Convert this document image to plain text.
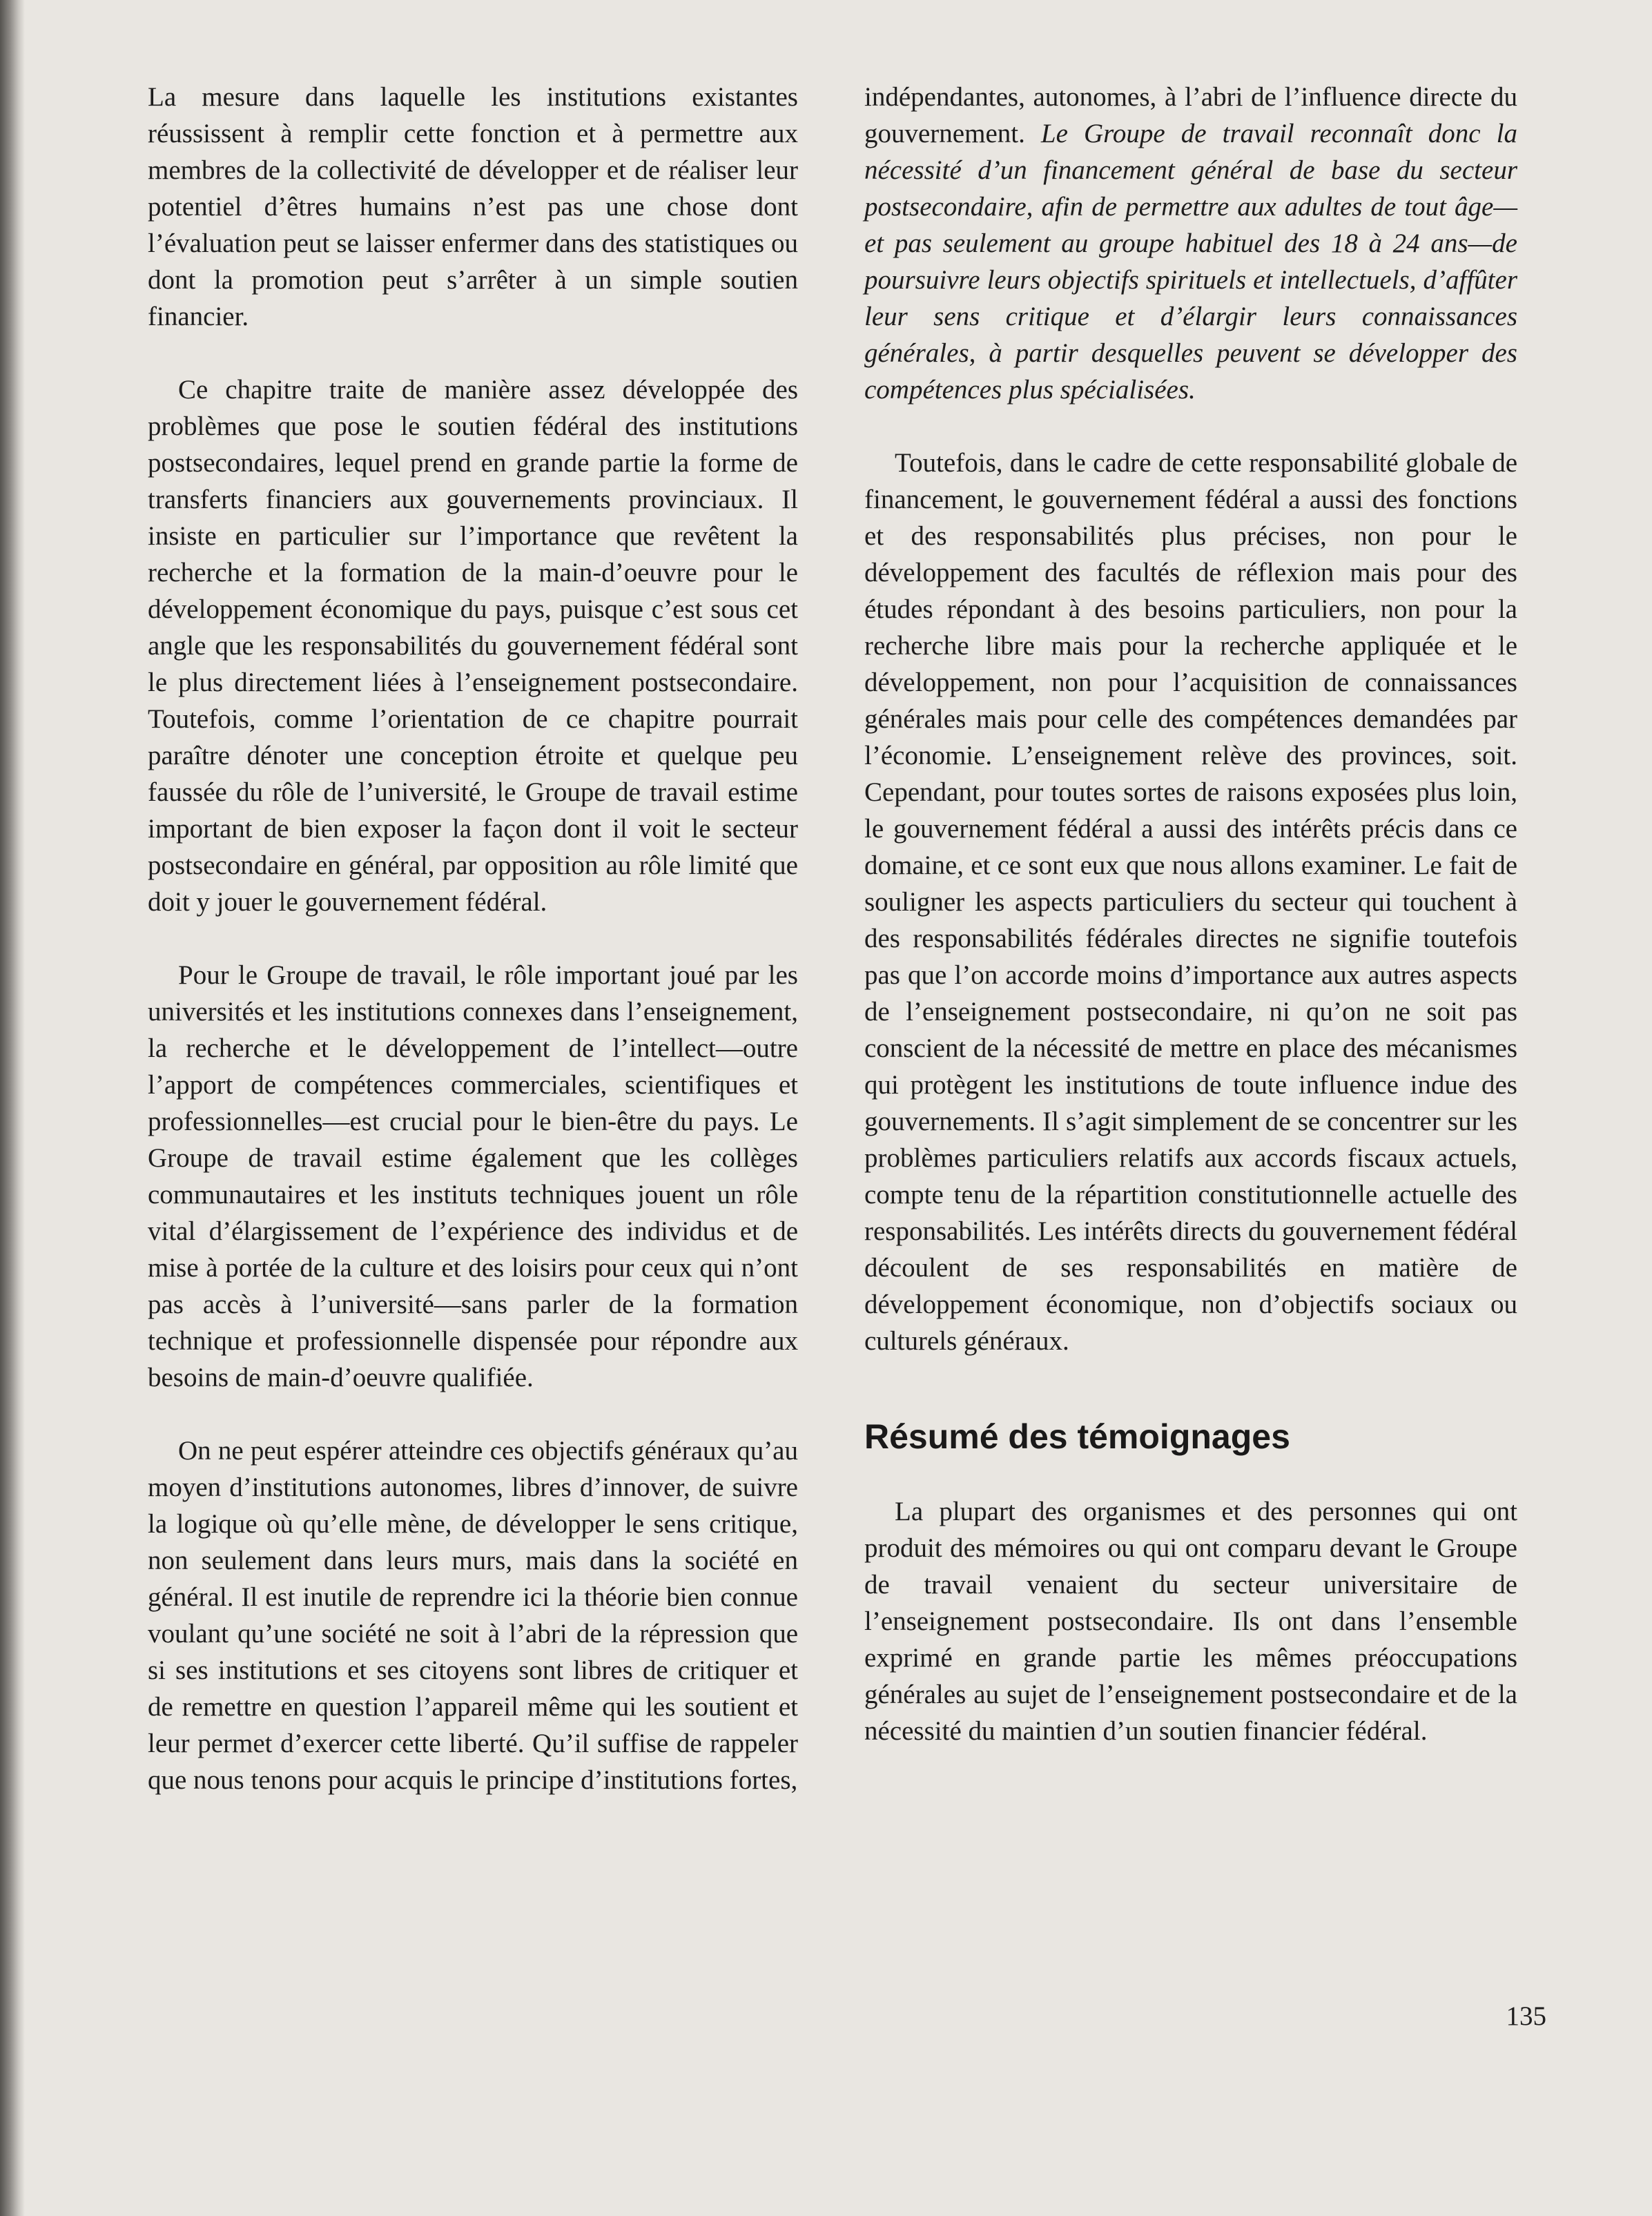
La mesure dans laquelle les institutions existantes réussissent à remplir cette fonction et à permettre aux membres de la collectivité de développer et de réaliser leur potentiel d’êtres humains n’est pas une chose dont l’évaluation peut se laisser enfermer dans des statistiques ou dont la promotion peut s’arrêter à un simple soutien financier.

Ce chapitre traite de manière assez développée des problèmes que pose le soutien fédéral des institutions postsecondaires, lequel prend en grande partie la forme de transferts financiers aux gouvernements provinciaux. Il insiste en particulier sur l’importance que revêtent la recherche et la formation de la main-d’oeuvre pour le développement économique du pays, puisque c’est sous cet angle que les responsabilités du gouvernement fédéral sont le plus directement liées à l’enseignement postsecondaire. Toutefois, comme l’orientation de ce chapitre pourrait paraître dénoter une conception étroite et quelque peu faussée du rôle de l’université, le Groupe de travail estime important de bien exposer la façon dont il voit le secteur postsecondaire en général, par opposition au rôle limité que doit y jouer le gouvernement fédéral.

Pour le Groupe de travail, le rôle important joué par les universités et les institutions connexes dans l’enseignement, la recherche et le développement de l’intellect—outre l’apport de compétences commerciales, scientifiques et professionnelles—est crucial pour le bien-être du pays. Le Groupe de travail estime également que les collèges communautaires et les instituts techniques jouent un rôle vital d’élargissement de l’expérience des individus et de mise à portée de la culture et des loisirs pour ceux qui n’ont pas accès à l’université—sans parler de la formation technique et professionnelle dispensée pour répondre aux besoins de main-d’oeuvre qualifiée.

On ne peut espérer atteindre ces objectifs généraux qu’au moyen d’institutions autonomes, libres d’innover, de suivre la logique où qu’elle mène, de développer le sens critique, non seulement dans leurs murs, mais dans la société en général. Il est inutile de reprendre ici la théorie bien connue voulant qu’une société ne soit à l’abri de la répression que si ses institutions et ses citoyens sont libres de critiquer et de remettre en question l’appareil même qui les soutient et leur permet d’exercer cette liberté. Qu’il suffise de rappeler que nous tenons pour acquis le principe d’institutions fortes,

indépendantes, autonomes, à l’abri de l’influence directe du gouvernement. Le Groupe de travail reconnaît donc la nécessité d’un financement général de base du secteur postsecondaire, afin de permettre aux adultes de tout âge—et pas seulement au groupe habituel des 18 à 24 ans—de poursuivre leurs objectifs spirituels et intellectuels, d’affûter leur sens critique et d’élargir leurs connaissances générales, à partir desquelles peuvent se développer des compétences plus spécialisées.

Toutefois, dans le cadre de cette responsabilité globale de financement, le gouvernement fédéral a aussi des fonctions et des responsabilités plus précises, non pour le développement des facultés de réflexion mais pour des études répondant à des besoins particuliers, non pour la recherche libre mais pour la recherche appliquée et le développement, non pour l’acquisition de connaissances générales mais pour celle des compétences demandées par l’économie. L’enseignement relève des provinces, soit. Cependant, pour toutes sortes de raisons exposées plus loin, le gouvernement fédéral a aussi des intérêts précis dans ce domaine, et ce sont eux que nous allons examiner. Le fait de souligner les aspects particuliers du secteur qui touchent à des responsabilités fédérales directes ne signifie toutefois pas que l’on accorde moins d’importance aux autres aspects de l’enseignement postsecondaire, ni qu’on ne soit pas conscient de la nécessité de mettre en place des mécanismes qui protègent les institutions de toute influence indue des gouvernements. Il s’agit simplement de se concentrer sur les problèmes particuliers relatifs aux accords fiscaux actuels, compte tenu de la répartition constitutionnelle actuelle des responsabilités. Les intérêts directs du gouvernement fédéral découlent de ses responsabilités en matière de développement économique, non d’objectifs sociaux ou culturels généraux.

Résumé des témoignages

La plupart des organismes et des personnes qui ont produit des mémoires ou qui ont comparu devant le Groupe de travail venaient du secteur universitaire de l’enseignement postsecondaire. Ils ont dans l’ensemble exprimé en grande partie les mêmes préoccupations générales au sujet de l’enseignement postsecondaire et de la nécessité du maintien d’un soutien financier fédéral.

135
